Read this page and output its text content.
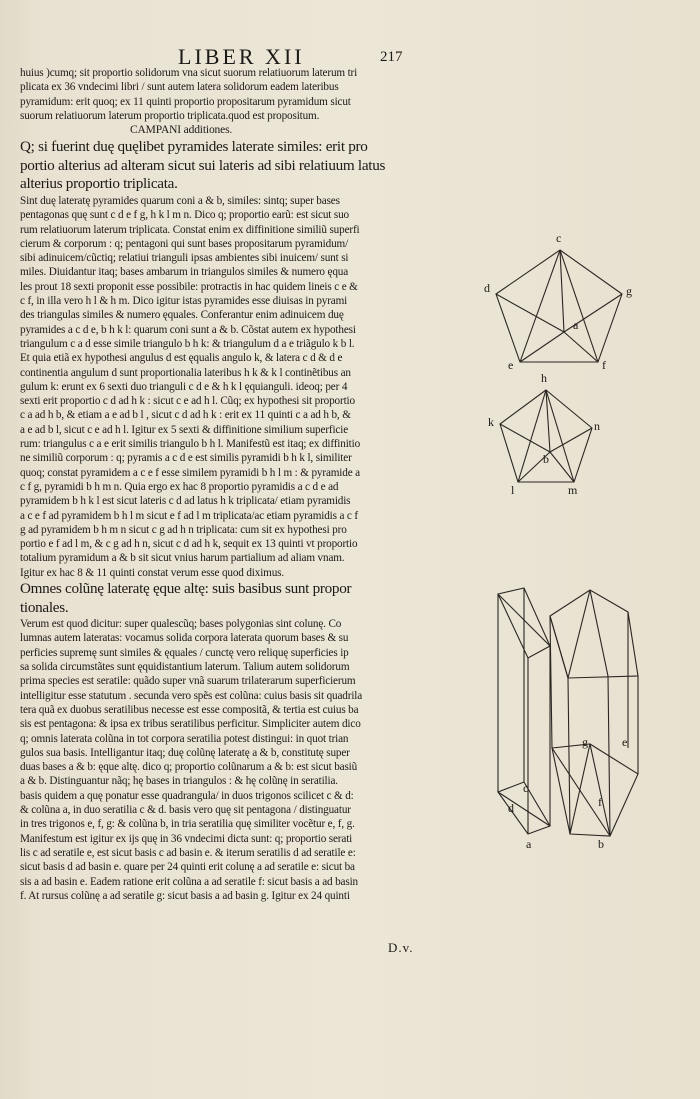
LIBER XII	217

huius )cumq; sit proportio solidorum vna sicut suorum relatiuorum laterum tri
plicata ex 36 vndecimi libri / sunt autem latera solidorum eadem lateribus
pyramidum: erit quoq; ex 11 quinti proportio propositarum pyramidum sicut
suorum relatiuorum laterum proportio triplicata.quod est propositum.

CAMPANI additiones.

Q; si fuerint duę quęlibet pyramides laterate similes: erit pro
portio alterius ad alteram sicut sui lateris ad sibi relatiuum latus
alterius proportio triplicata.

Sint duę lateratę pyramides quarum coni a & b, similes: sintq; super bases
pentagonas quę sunt c d e f g, h k l m n. Dico q; proportio earũ: est sicut suo
rum relatiuorum laterum triplicata. Constat enim ex diffinitione similiũ superfi
cierum & corporum : q; pentagoni qui sunt bases propositarum pyramidum/
sibi adinuicem/cũctiq; relatiui trianguli ipsas ambientes sibi inuicem/ sunt si
miles. Diuidantur itaq; bases ambarum in triangulos similes & numero ęquа
les prout 18 sexti proponit esse possibile: protractis in hac quidem lineis c e &
c f, in illa vero h l & h m. Dico igitur istas pyramides esse diuisas in pyrami
des triangulas similes & numero ęquales. Conferantur enim adinuicem duę
pyramides a c d e, b h k l: quarum coni sunt a & b. Cõstat autem ex hypothesi
triangulum c a d esse simile triangulo b h k: & triangulum d a e triãgulo k b l.
Et quia etiã ex hypothesi angulus d est ęqualis angulo k, & latera c d & d e
continentia angulum d sunt proportionalia lateribus h k & k l continẽtibus an
gulum k: erunt ex 6 sexti duo trianguli c d e & h k l ęquianguli. ideoq; per 4
sexti erit proportio c d ad h k : sicut c e ad h l. Cũq; ex hypothesi sit proportio
c a ad h b, & etiam a e ad b l , sicut c d ad h k : erit ex 11 quinti c a ad h b, &
a e ad b l, sicut c e ad h l. Igitur ex 5 sexti & diffinitione similium superficie
rum: triangulus c a e erit similis triangulo b h l. Manifestũ est itaq; ex diffinitio
ne similiũ corporum : q; pyramis a c d e est similis pyramidi b h k l, similiter
quoq; constat pyramidem a c e f esse similem pyramidi b h l m : & pyramide a
c f g, pyramidi b h m n. Quia ergo ex hac 8 proportio pyramidis a c d e ad
pyramidem b h k l est sicut lateris c d ad latus h k triplicata/ etiam pyramidis
a c e f ad pyramidem b h l m sicut e f ad l m triplicata/ac etiam pyramidis a c f
g ad pyramidem b h m n sicut c g ad h n triplicata: cum sit ex hypothesi pro
portio e f ad l m, & c g ad h n, sicut c d ad h k, sequit ex 13 quinti vt proportio
totalium pyramidum a & b sit sicut vnius harum partialium ad aliam vnam.
Igitur ex hac 8 & 11 quinti constat verum esse quod diximus.

Omnes colũnę lateratę ęque altę: suis basibus sunt propor
tionales.

Verum est quod dicitur: super qualescũq; bases polygonias sint colunę. Co
lumnas autem lateratas: vocamus solida corpora laterata quorum bases & su
perficies supremę sunt similes & ęquales / cunctę vero reliquę superficies ip
sa solida circumstãtes sunt ęquidistantium laterum. Talium autem solidorum
prima species est seratile: quãdo super vnã suarum trilaterarum superficierum
intelligitur esse statutum . secunda vero spẽs est colũna: cuius basis sit quadrila
tera quã ex duobus seratilibus necesse est esse compositã, & tertia est cuius ba
sis est pentagona: & ipsa ex tribus seratilibus perficitur. Simpliciter autem dico
q; omnis laterata colũna in tot corpora seratilia potest distingui: in quot trian
gulos sua basis. Intelligantur itaq; duę colũnę lateratę a & b, constitutę super
duas bases a & b: ęque altę. dico q; proportio colũnarum a & b: est sicut basiũ
a & b. Distinguantur nãq; hę bases in triangulos : & hę colũnę in seratilia.
basis quidem a quę ponatur esse quadrangula/ in duos trigonos scilicet c & d:
& colũna a, in duo seratilia c & d. basis vero quę sit pentagona / distinguatur
in tres trigonos e, f, g: & colũna b, in tria seratilia quę similiter vocẽtur e, f, g.
Manifestum est igitur ex ijs quę in 36 vndecimi dicta sunt: q; proportio serati
lis c ad seratile e, est sicut basis c ad basin e. & iterum seratilis d ad seratile e:
sicut basis d ad basin e. quare per 24 quinti erit colunę a ad seratile e: sicut ba
sis a ad basin e. Eadem ratione erit colũna a ad seratile f: sicut basis a ad basin
f. At rursus colũnę a ad seratile g: sicut basis a ad basin g. Igitur ex 24 quinti

c
d	g
a
e	f
h
k	n
b
l	m
c
d
a
g	e
f
b
D.v.
